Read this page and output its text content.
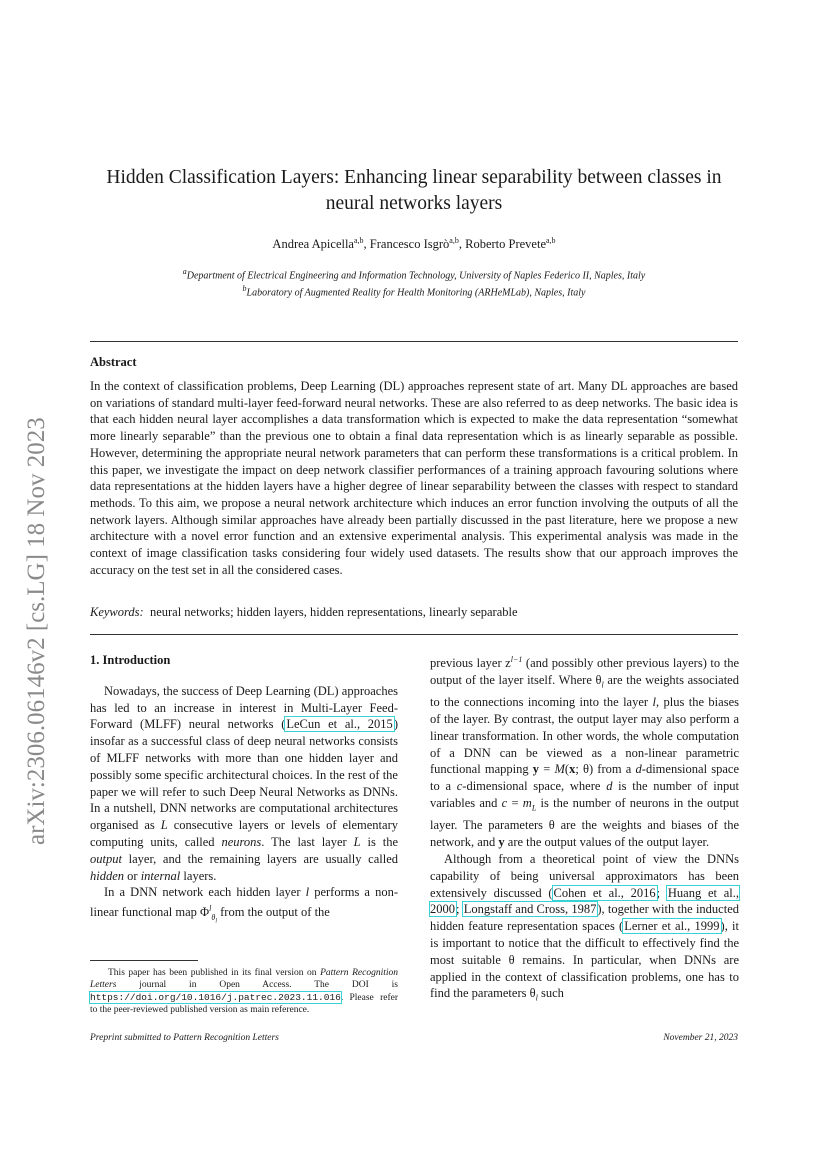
arXiv:2306.06146v2 [cs.LG] 18 Nov 2023
Hidden Classification Layers: Enhancing linear separability between classes in
neural networks layers
Andrea Apicella$^{a,b}$, Francesco Isgrò$^{a,b}$, Roberto Prevete$^{a,b}$
$^a$Department of Electrical Engineering and Information Technology, University of Naples Federico II, Naples, Italy
$^b$Laboratory of Augmented Reality for Health Monitoring (ARHeMLab), Naples, Italy
Abstract
In the context of classification problems, Deep Learning (DL) approaches represent state of art. Many DL approaches are based on variations of standard multi-layer feed-forward neural networks. These are also referred to as deep networks. The basic idea is that each hidden neural layer accomplishes a data transformation which is expected to make the data representation “somewhat more linearly separable” than the previous one to obtain a final data representation which is as linearly separable as possible. However, determining the appropriate neural network parameters that can perform these transformations is a critical problem. In this paper, we investigate the impact on deep network classifier performances of a training approach favouring solutions where data representations at the hidden layers have a higher degree of linear separability between the classes with respect to standard methods. To this aim, we propose a neural network architecture which induces an error function involving the outputs of all the network layers. Although similar approaches have already been partially discussed in the past literature, here we propose a new architecture with a novel error function and an extensive experimental analysis. This experimental analysis was made in the context of image classification tasks considering four widely used datasets. The results show that our approach improves the accuracy on the test set in all the considered cases.
Keywords: neural networks; hidden layers, hidden representations, linearly separable
1. Introduction

Nowadays, the success of Deep Learning (DL) approaches has led to an increase in interest in Multi-Layer Feed-Forward (MLFF) neural networks (LeCun et al., 2015) insofar as a successful class of deep neural networks consists of MLFF networks with more than one hidden layer and possibly some specific architectural choices. In the rest of the paper we will refer to such Deep Neural Networks as DNNs. In a nutshell, DNN networks are computational architectures organised as L consecutive layers or levels of elementary computing units, called neurons. The last layer L is the output layer, and the remaining layers are usually called hidden or internal layers.

In a DNN network each hidden layer l performs a non-linear functional map $\Phi^l_{\theta_l}$ from the output of the

previous layer $z^{l-1}$ (and possibly other previous layers) to the output of the layer itself. Where $\theta_l$ are the weights associated to the connections incoming into the layer l, plus the biases of the layer. By contrast, the output layer may also perform a linear transformation. In other words, the whole computation of a DNN can be viewed as a non-linear parametric functional mapping y = M(x; θ) from a d-dimensional space to a c-dimensional space, where d is the number of input variables and $c = m_L$ is the number of neurons in the output layer. The parameters θ are the weights and biases of the network, and y are the output values of the output layer.

Although from a theoretical point of view the DNNs capability of being universal approximators has been extensively discussed (Cohen et al., 2016; Huang et al., 2000; Longstaff and Cross, 1987), together with the inducted hidden feature representation spaces (Lerner et al., 1999), it is important to notice that the difficult to effectively find the most suitable θ remains. In particular, when DNNs are applied in the context of classification problems, one has to find the parameters $\theta_l$ such

This paper has been published in its final version on Pattern Recognition Letters journal in Open Access. The DOI is https://doi.org/10.1016/j.patrec.2023.11.016. Please refer to the peer-reviewed published version as main reference.
Preprint submitted to Pattern Recognition Letters	November 21, 2023
